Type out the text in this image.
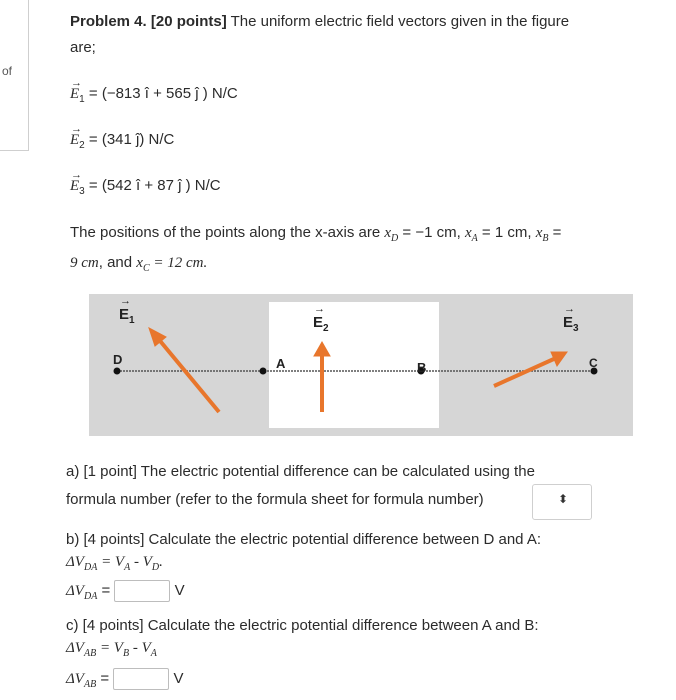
of
Problem 4. [20 points] The uniform electric field vectors given in the figure
are;
→ $E_1 = (-813$ î + 565 ĵ ) N/C
→ $E_2 = (341$ ĵ) N/C
→ $E_3 = (542$ î + 87 ĵ ) N/C
The positions of the points along the x-axis are $x_D = -1$ cm, $x_A = 1$ cm, $x_B$ =
9 cm, and $x_C = 12$ cm.
→ $E_1$	→ $E_2$	→ $E_3$
D	A	B	C
a) [1 point] The electric potential difference can be calculated using the
formula number (refer to the formula sheet for formula number)	⬍
b) [4 points] Calculate the electric potential difference between D and A:
$\Delta V_{DA} = V_A - V_D$.
$\Delta V_{DA}$ =	V
c) [4 points] Calculate the electric potential difference between A and B:
$\Delta V_{AB} = V_B - V_A$
$\Delta V_{AB}$ =	V
